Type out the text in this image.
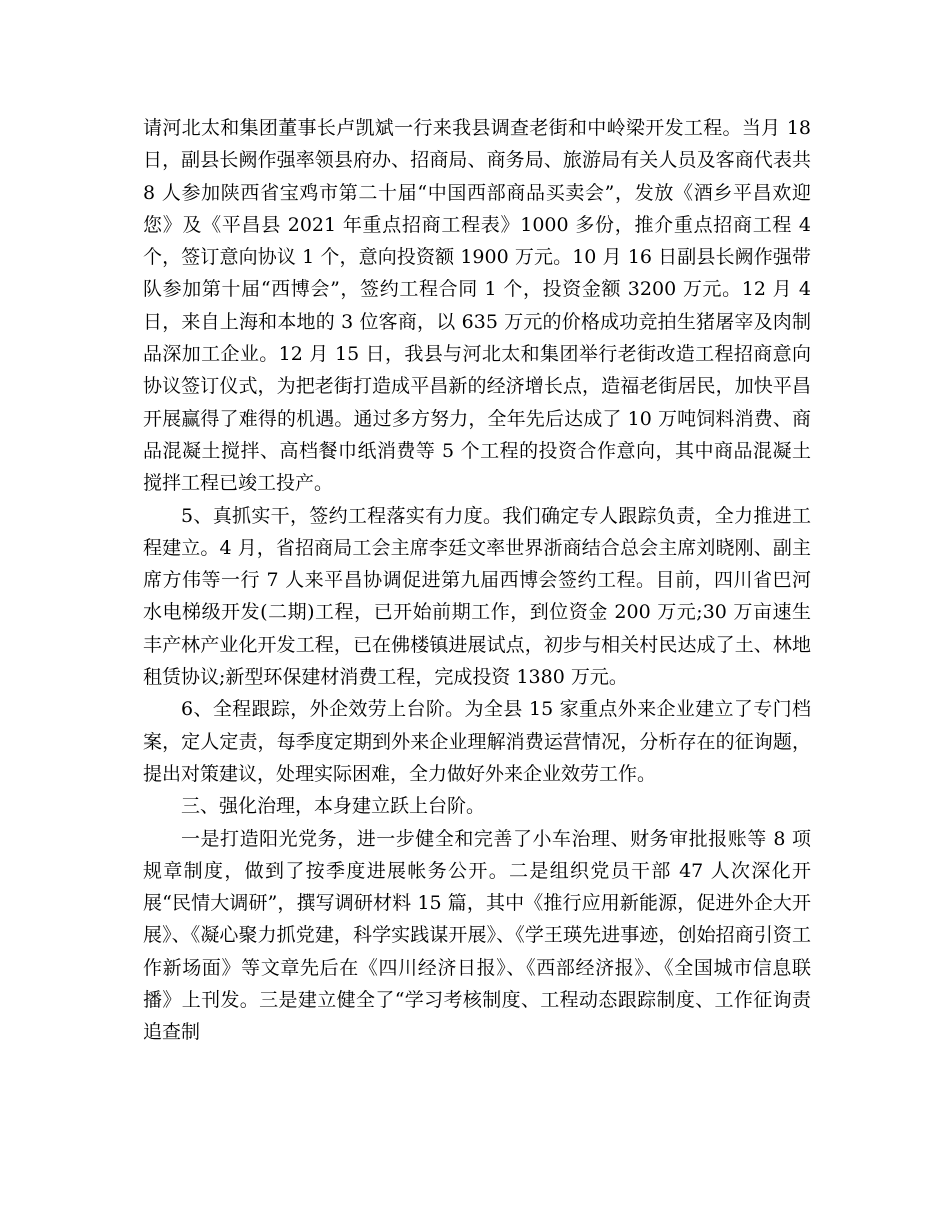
请河北太和集团董事长卢凯斌一行来我县调查老街和中岭梁开发工程。当月 18 日，副县长阙作强率领县府办、招商局、商务局、旅游局有关人员及客商代表共 8 人参加陕西省宝鸡市第二十届“中国西部商品买卖会”，发放《酒乡平昌欢迎您》及《平昌县 2021 年重点招商工程表》1000 多份，推介重点招商工程 4 个，签订意向协议 1 个，意向投资额 1900 万元。10 月 16 日副县长阙作强带队参加第十届“西博会”，签约工程合同 1 个，投资金额 3200 万元。12 月 4 日，来自上海和本地的 3 位客商，以 635 万元的价格成功竞拍生猪屠宰及肉制品深加工企业。12 月 15 日，我县与河北太和集团举行老街改造工程招商意向协议签订仪式，为把老街打造成平昌新的经济增长点，造福老街居民，加快平昌开展赢得了难得的机遇。通过多方努力，全年先后达成了 10 万吨饲料消费、商品混凝土搅拌、高档餐巾纸消费等 5 个工程的投资合作意向，其中商品混凝土搅拌工程已竣工投产。

5、真抓实干，签约工程落实有力度。我们确定专人跟踪负责，全力推进工程建立。4 月，省招商局工会主席李廷文率世界浙商结合总会主席刘晓刚、副主席方伟等一行 7 人来平昌协调促进第九届西博会签约工程。目前，四川省巴河水电梯级开发(二期)工程，已开始前期工作，到位资金 200 万元;30 万亩速生丰产林产业化开发工程，已在佛楼镇进展试点，初步与相关村民达成了土、林地租赁协议;新型环保建材消费工程，完成投资 1380 万元。

6、全程跟踪，外企效劳上台阶。为全县 15 家重点外来企业建立了专门档案，定人定责，每季度定期到外来企业理解消费运营情况，分析存在的征询题，提出对策建议，处理实际困难，全力做好外来企业效劳工作。

三、强化治理，本身建立跃上台阶。

一是打造阳光党务，进一步健全和完善了小车治理、财务审批报账等 8 项规章制度，做到了按季度进展帐务公开。二是组织党员干部 47 人次深化开展“民情大调研”，撰写调研材料 15 篇，其中《推行应用新能源，促进外企大开展》、《凝心聚力抓党建，科学实践谋开展》、《学王瑛先进事迹，创始招商引资工作新场面》等文章先后在《四川经济日报》、《西部经济报》、《全国城市信息联播》上刊发。三是建立健全了“学习考核制度、工程动态跟踪制度、工作征询责追查制
